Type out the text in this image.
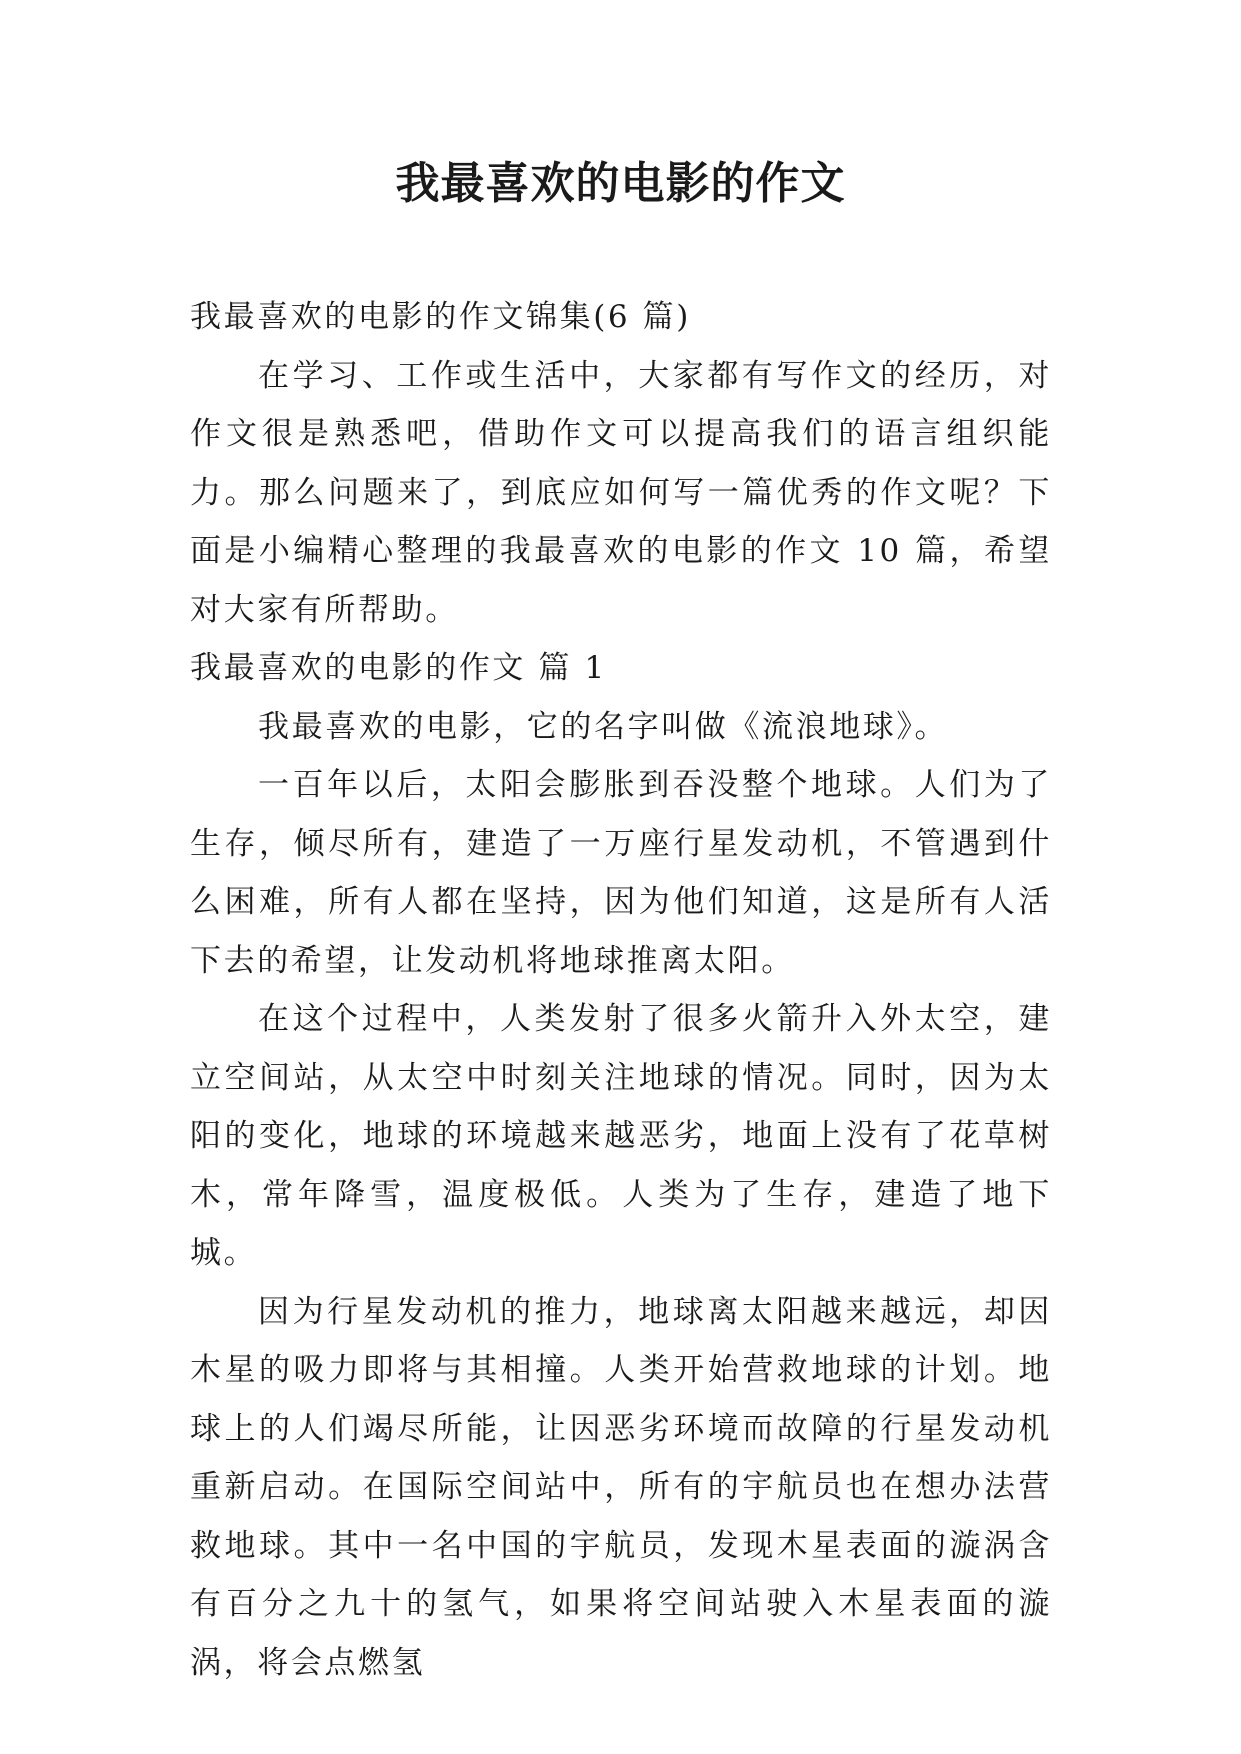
我最喜欢的电影的作文

我最喜欢的电影的作文锦集(6 篇)

在学习、工作或生活中，大家都有写作文的经历，对作文很是熟悉吧，借助作文可以提高我们的语言组织能力。那么问题来了，到底应如何写一篇优秀的作文呢？下面是小编精心整理的我最喜欢的电影的作文 10 篇，希望对大家有所帮助。

我最喜欢的电影的作文 篇 1

我最喜欢的电影，它的名字叫做《流浪地球》。

一百年以后，太阳会膨胀到吞没整个地球。人们为了生存，倾尽所有，建造了一万座行星发动机，不管遇到什么困难，所有人都在坚持，因为他们知道，这是所有人活下去的希望，让发动机将地球推离太阳。

在这个过程中，人类发射了很多火箭升入外太空，建立空间站，从太空中时刻关注地球的情况。同时，因为太阳的变化，地球的环境越来越恶劣，地面上没有了花草树木，常年降雪，温度极低。人类为了生存，建造了地下城。

因为行星发动机的推力，地球离太阳越来越远，却因木星的吸力即将与其相撞。人类开始营救地球的计划。地球上的人们竭尽所能，让因恶劣环境而故障的行星发动机重新启动。在国际空间站中，所有的宇航员也在想办法营救地球。其中一名中国的宇航员，发现木星表面的漩涡含有百分之九十的氢气，如果将空间站驶入木星表面的漩涡，将会点燃氢
